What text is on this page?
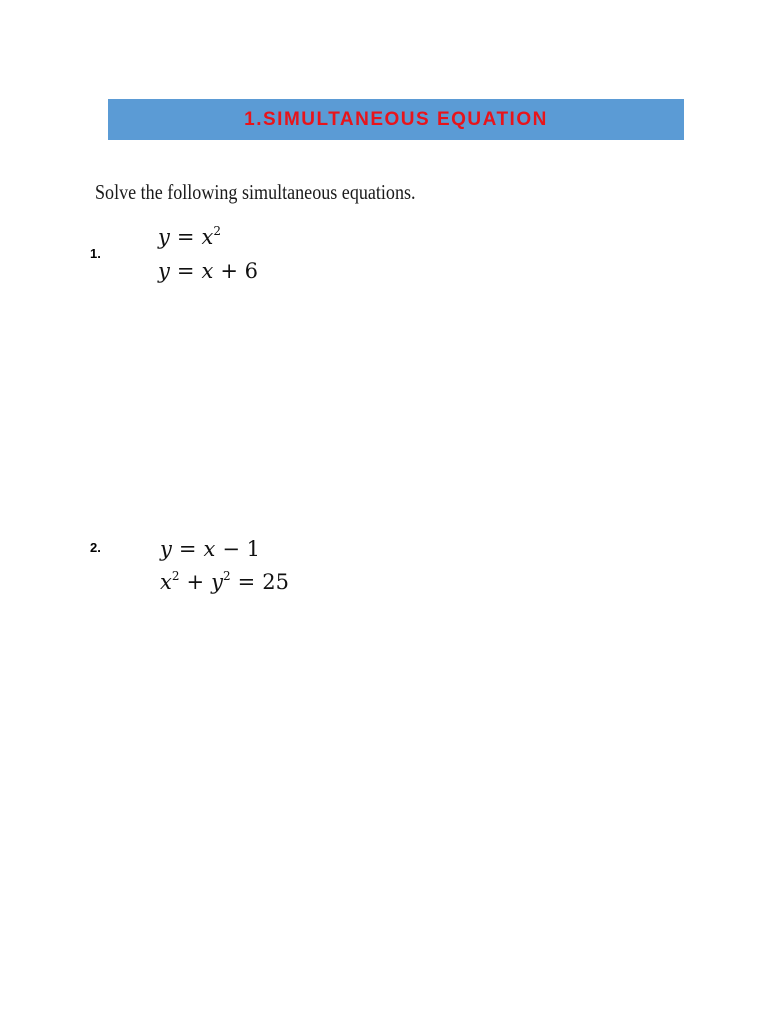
1.SIMULTANEOUS EQUATION
Solve the following simultaneous equations.
1.
$y = x^2$
y = x + 6
2.	y = x − 1
$x^2 + y^2 = 25$
